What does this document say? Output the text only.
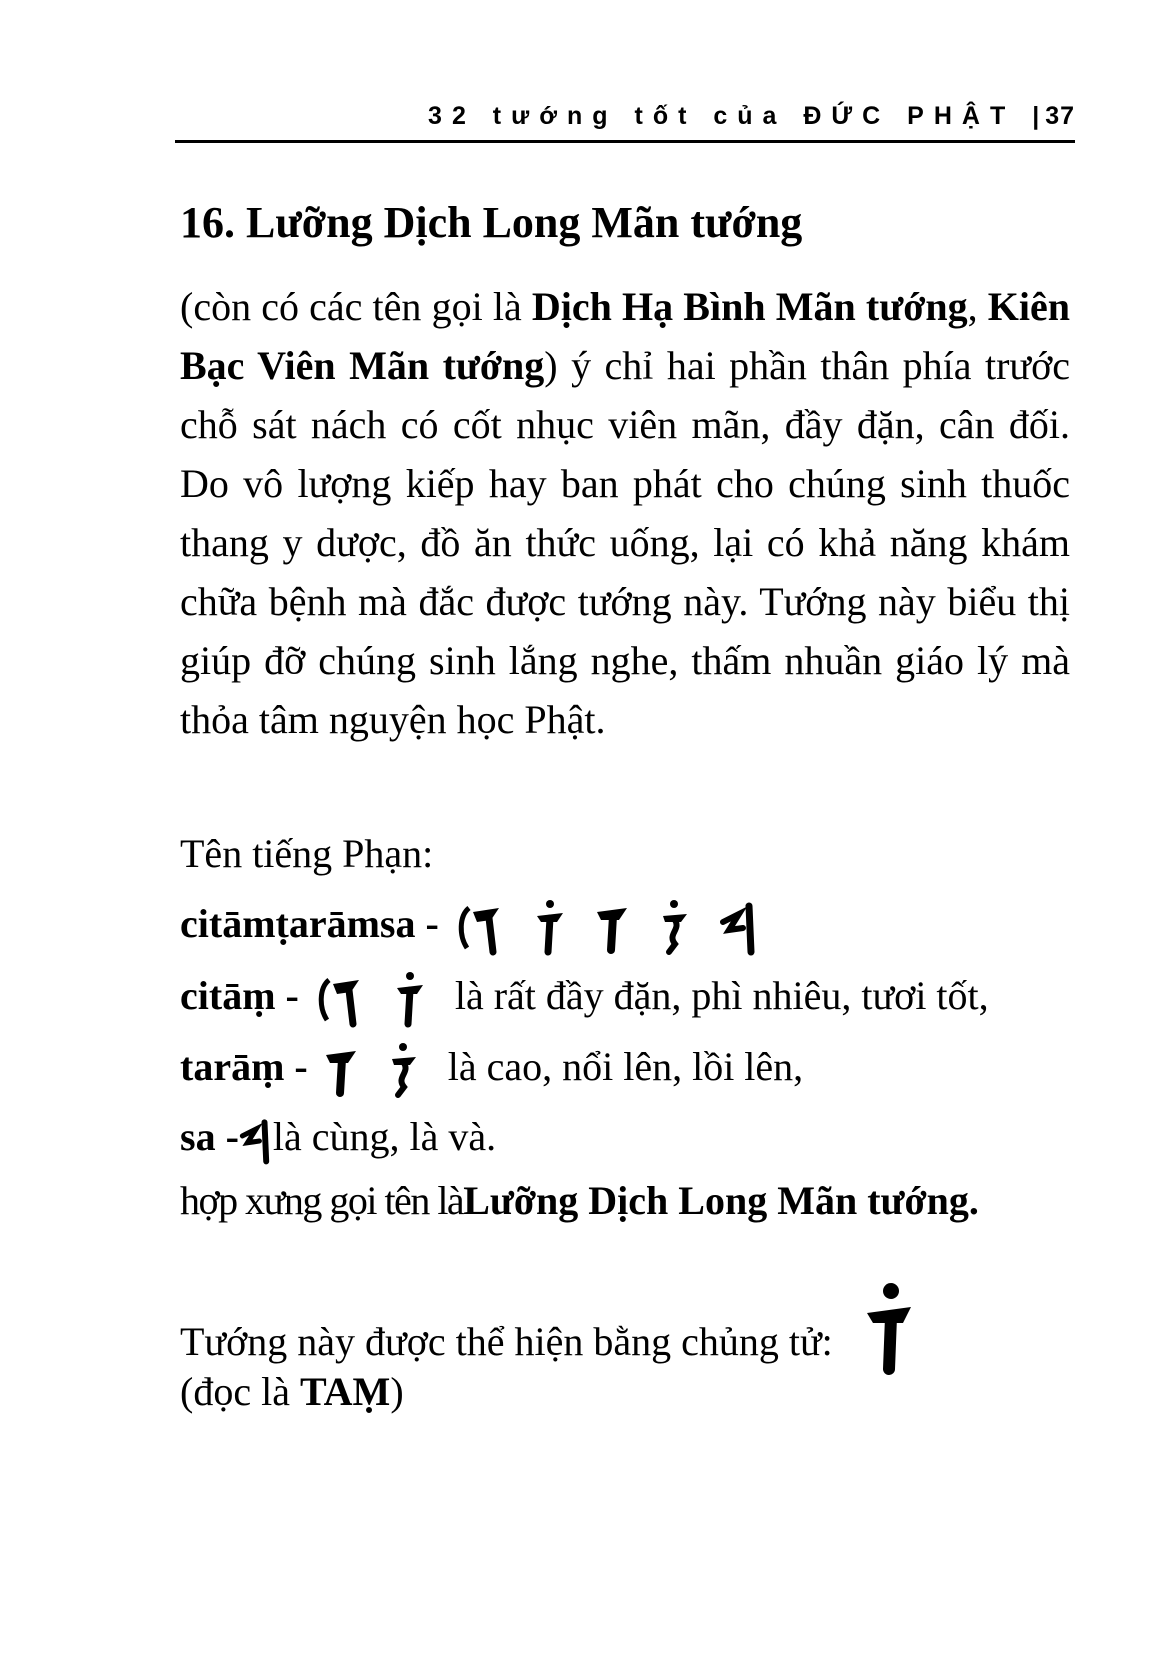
32 tướng tốt của ĐỨC PHẬT |37
16. Lưỡng Dịch Long Mãn tướng
(còn có các tên gọi là Dịch Hạ Bình Mãn tướng, Kiên Bạc Viên Mãn tướng) ý chỉ hai phần thân phía trước chỗ sát nách có cốt nhục viên mãn, đầy đặn, cân đối. Do vô lượng kiếp hay ban phát cho chúng sinh thuốc thang y dược, đồ ăn thức uống, lại có khả năng khám chữa bệnh mà đắc được tướng này. Tướng này biểu thị giúp đỡ chúng sinh lắng nghe, thấm nhuần giáo lý mà thỏa tâm nguyện học Phật.
Tên tiếng Phạn:
citāmṭarāmsa -

citāṃ -
	là rất đầy đặn, phì nhiêu, tươi tốt,
tarāṃ -
	là cao, nổi lên, lồi lên,
sa - là cùng, là và.
hợp xưng gọi tên làLưỡng Dịch Long Mãn tướng.
Tướng này được thể hiện bằng chủng tử:
(đọc là TAṂ)
